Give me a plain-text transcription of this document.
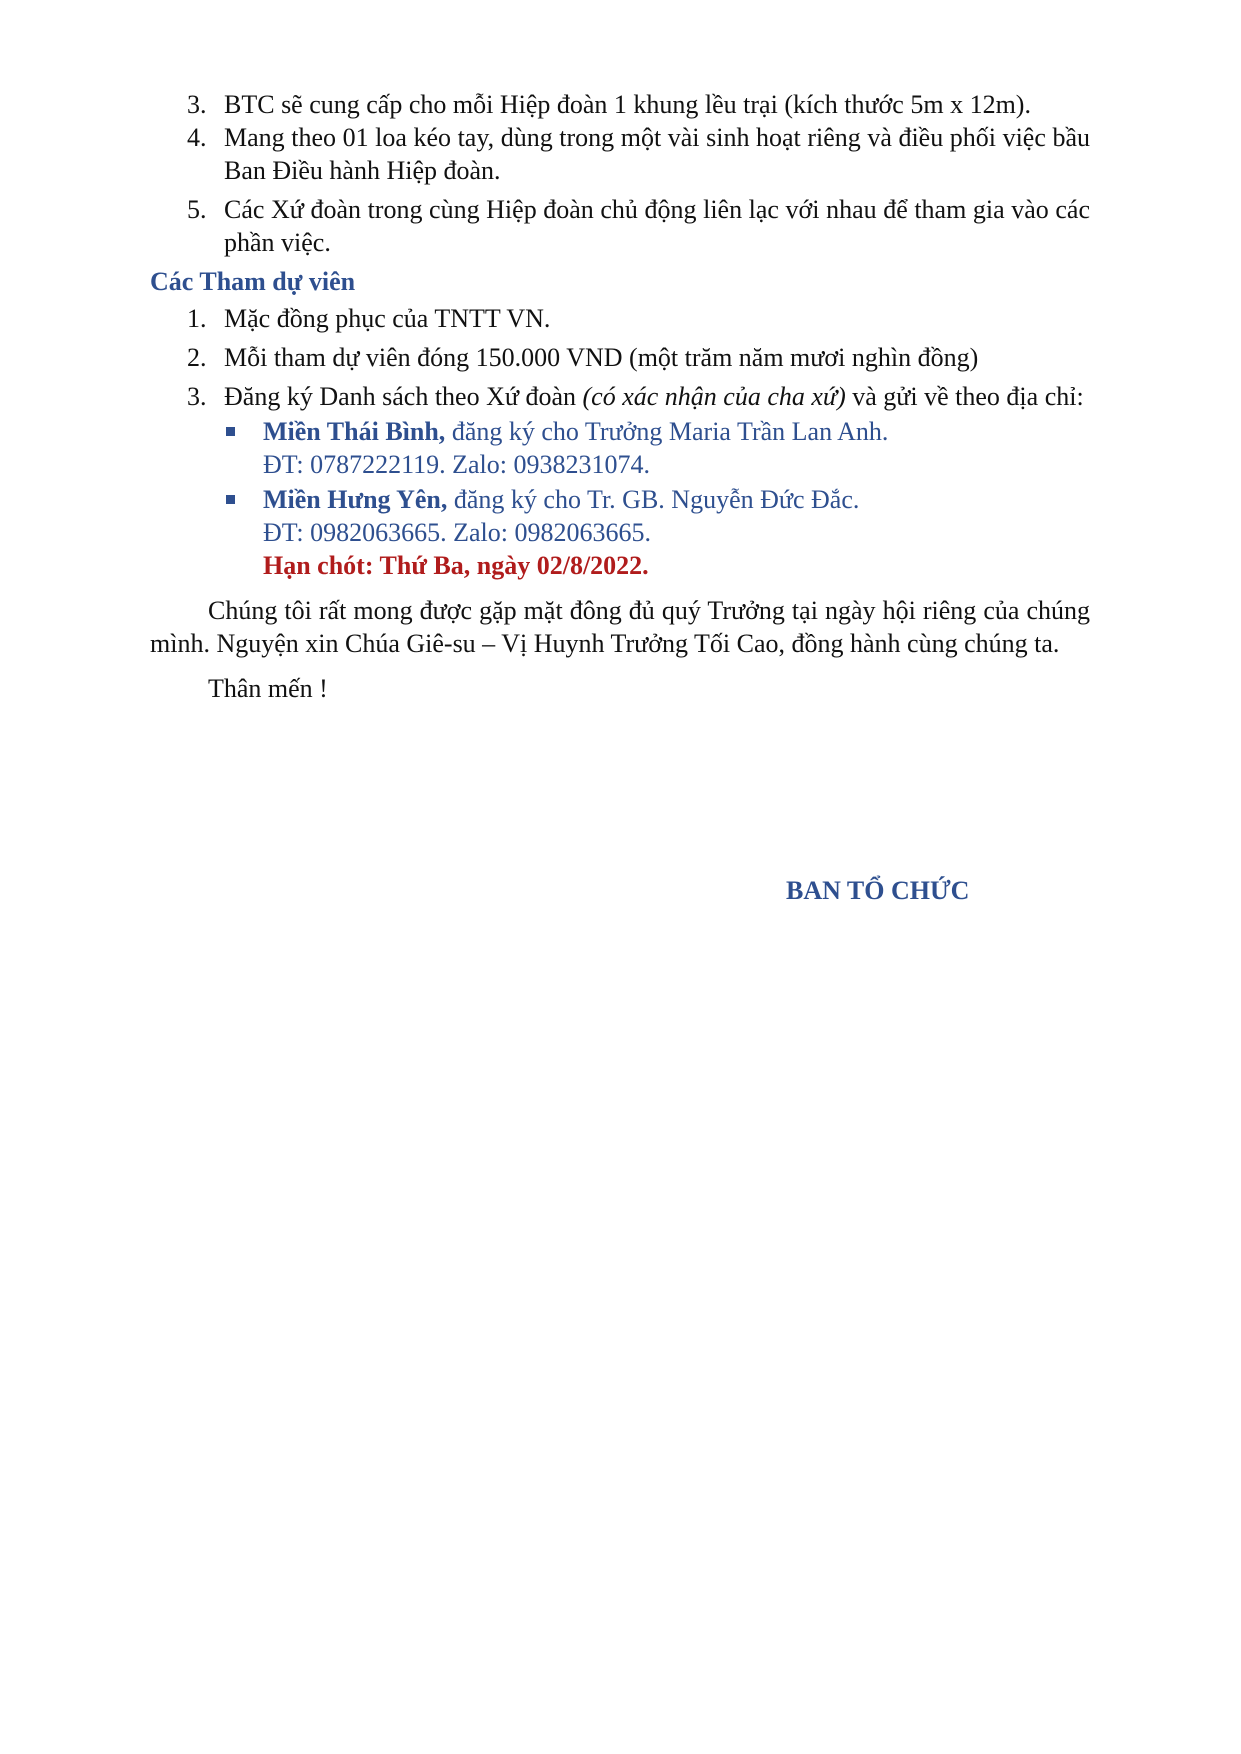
3. BTC sẽ cung cấp cho mỗi Hiệp đoàn 1 khung lều trại (kích thước 5m x 12m).
4. Mang theo 01 loa kéo tay, dùng trong một vài sinh hoạt riêng và điều phối việc bầu Ban Điều hành Hiệp đoàn.
5. Các Xứ đoàn trong cùng Hiệp đoàn chủ động liên lạc với nhau để tham gia vào các phần việc.
Các Tham dự viên
1. Mặc đồng phục của TNTT VN.
2. Mỗi tham dự viên đóng 150.000 VND (một trăm năm mươi nghìn đồng)
3. Đăng ký Danh sách theo Xứ đoàn (có xác nhận của cha xứ) và gửi về theo địa chỉ:
Miền Thái Bình, đăng ký cho Trưởng Maria Trần Lan Anh.
ĐT: 0787222119. Zalo: 0938231074.
Miền Hưng Yên, đăng ký cho Tr. GB. Nguyễn Đức Đắc.
ĐT: 0982063665. Zalo: 0982063665.
Hạn chót: Thứ Ba, ngày 02/8/2022.
Chúng tôi rất mong được gặp mặt đông đủ quý Trưởng tại ngày hội riêng của chúng mình. Nguyện xin Chúa Giê-su – Vị Huynh Trưởng Tối Cao, đồng hành cùng chúng ta.
Thân mến !
BAN TỔ CHỨC
